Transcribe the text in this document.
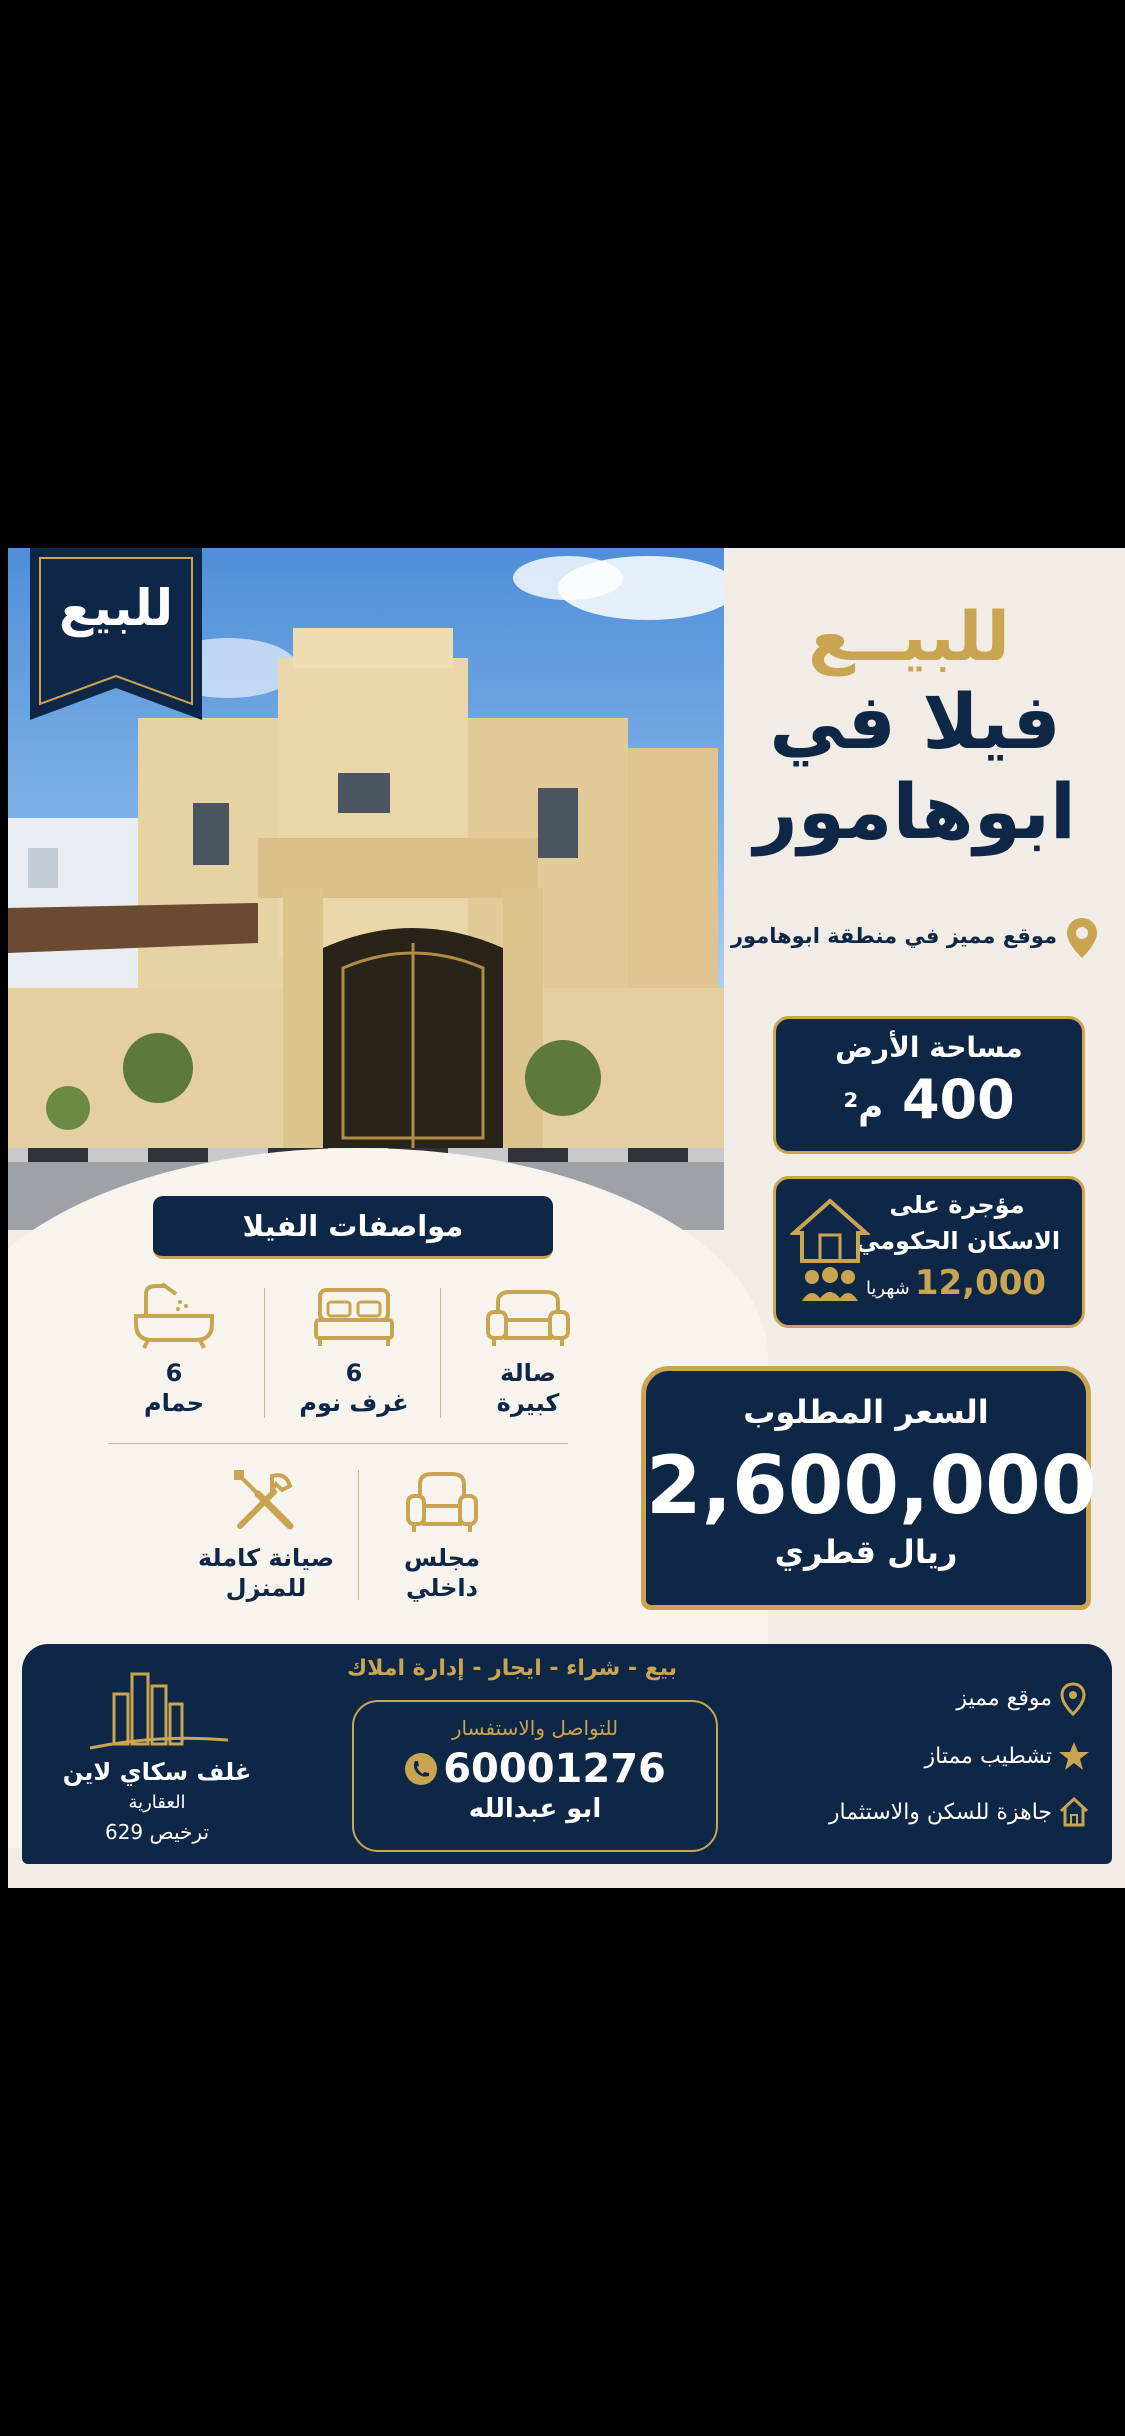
للبيع	للبيــع
فيلا في
ابوهامور
موقع مميز في منطقة ابوهامور
مساحة الأرض
400 م²
مؤجرة على
الاسكان الحكومي
12,000 شهريا
مواصفات الفيلا
صالة
كبيرة
6
غرف نوم
6
حمام
مجلس
داخلي
صيانة كاملة
للمنزل
السعر المطلوب
2,600,000
ريال قطري
غلف سكاي لاين
العقارية
ترخيص 629
بيع - شراء - ايجار - إدارة املاك
للتواصل والاستفسار
60001276
ابو عبدالله
موقع مميز
تشطيب ممتاز
جاهزة للسكن والاستثمار
